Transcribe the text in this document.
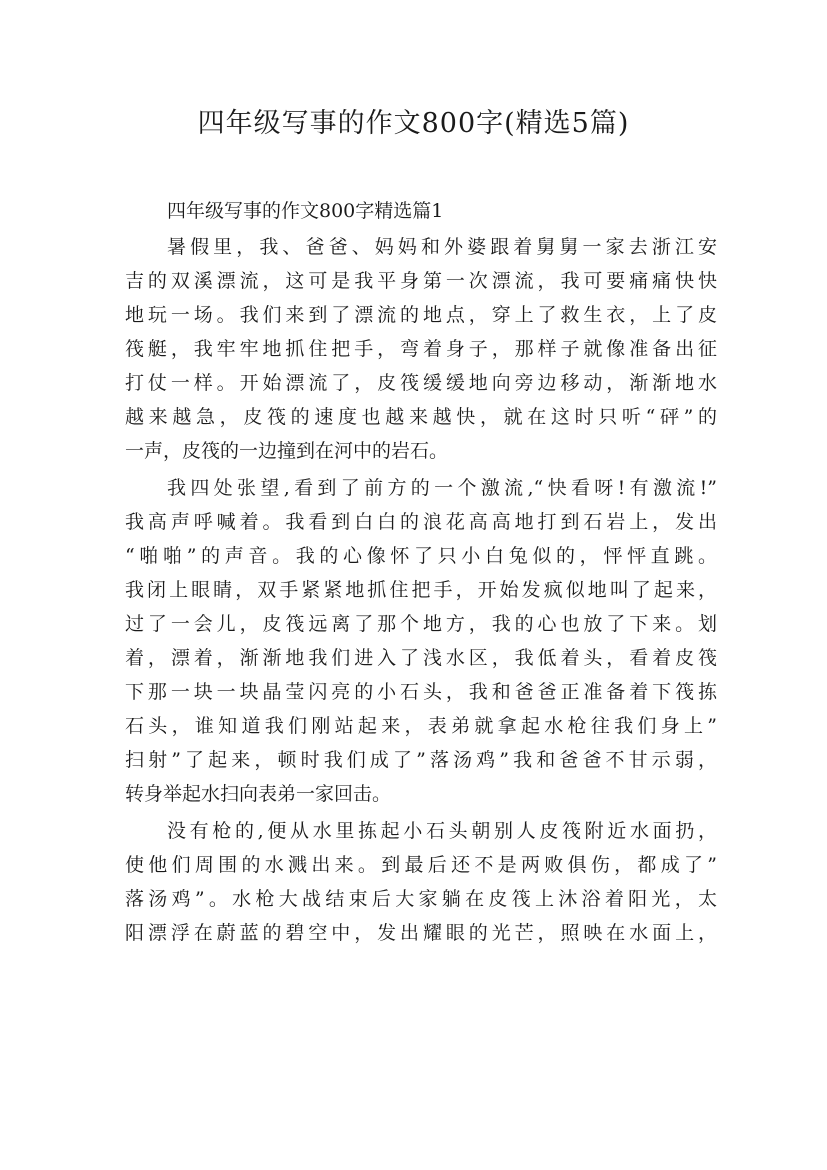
四年级写事的作文800字(精选5篇)

四年级写事的作文800字精选篇1

暑假里，我、爸爸、妈妈和外婆跟着舅舅一家去浙江安
吉的双溪漂流，这可是我平身第一次漂流，我可要痛痛快快
地玩一场。我们来到了漂流的地点，穿上了救生衣，上了皮
筏艇，我牢牢地抓住把手，弯着身子，那样子就像准备出征
打仗一样。开始漂流了，皮筏缓缓地向旁边移动，渐渐地水
越来越急，皮筏的速度也越来越快，就在这时只听“砰”的
一声，皮筏的一边撞到在河中的岩石。
我四处张望,看到了前方的一个激流,“快看呀!有激流!”
我高声呼喊着。我看到白白的浪花高高地打到石岩上，发出
“啪啪”的声音。我的心像怀了只小白兔似的，怦怦直跳。
我闭上眼睛，双手紧紧地抓住把手，开始发疯似地叫了起来，
过了一会儿，皮筏远离了那个地方，我的心也放了下来。划
着，漂着，渐渐地我们进入了浅水区，我低着头，看着皮筏
下那一块一块晶莹闪亮的小石头，我和爸爸正准备着下筏拣
石头，谁知道我们刚站起来，表弟就拿起水枪往我们身上”
扫射”了起来，顿时我们成了”落汤鸡”我和爸爸不甘示弱，
转身举起水扫向表弟一家回击。
没有枪的,便从水里拣起小石头朝别人皮筏附近水面扔，
使他们周围的水溅出来。到最后还不是两败俱伤，都成了”
落汤鸡”。水枪大战结束后大家躺在皮筏上沐浴着阳光，太
阳漂浮在蔚蓝的碧空中，发出耀眼的光芒，照映在水面上，
